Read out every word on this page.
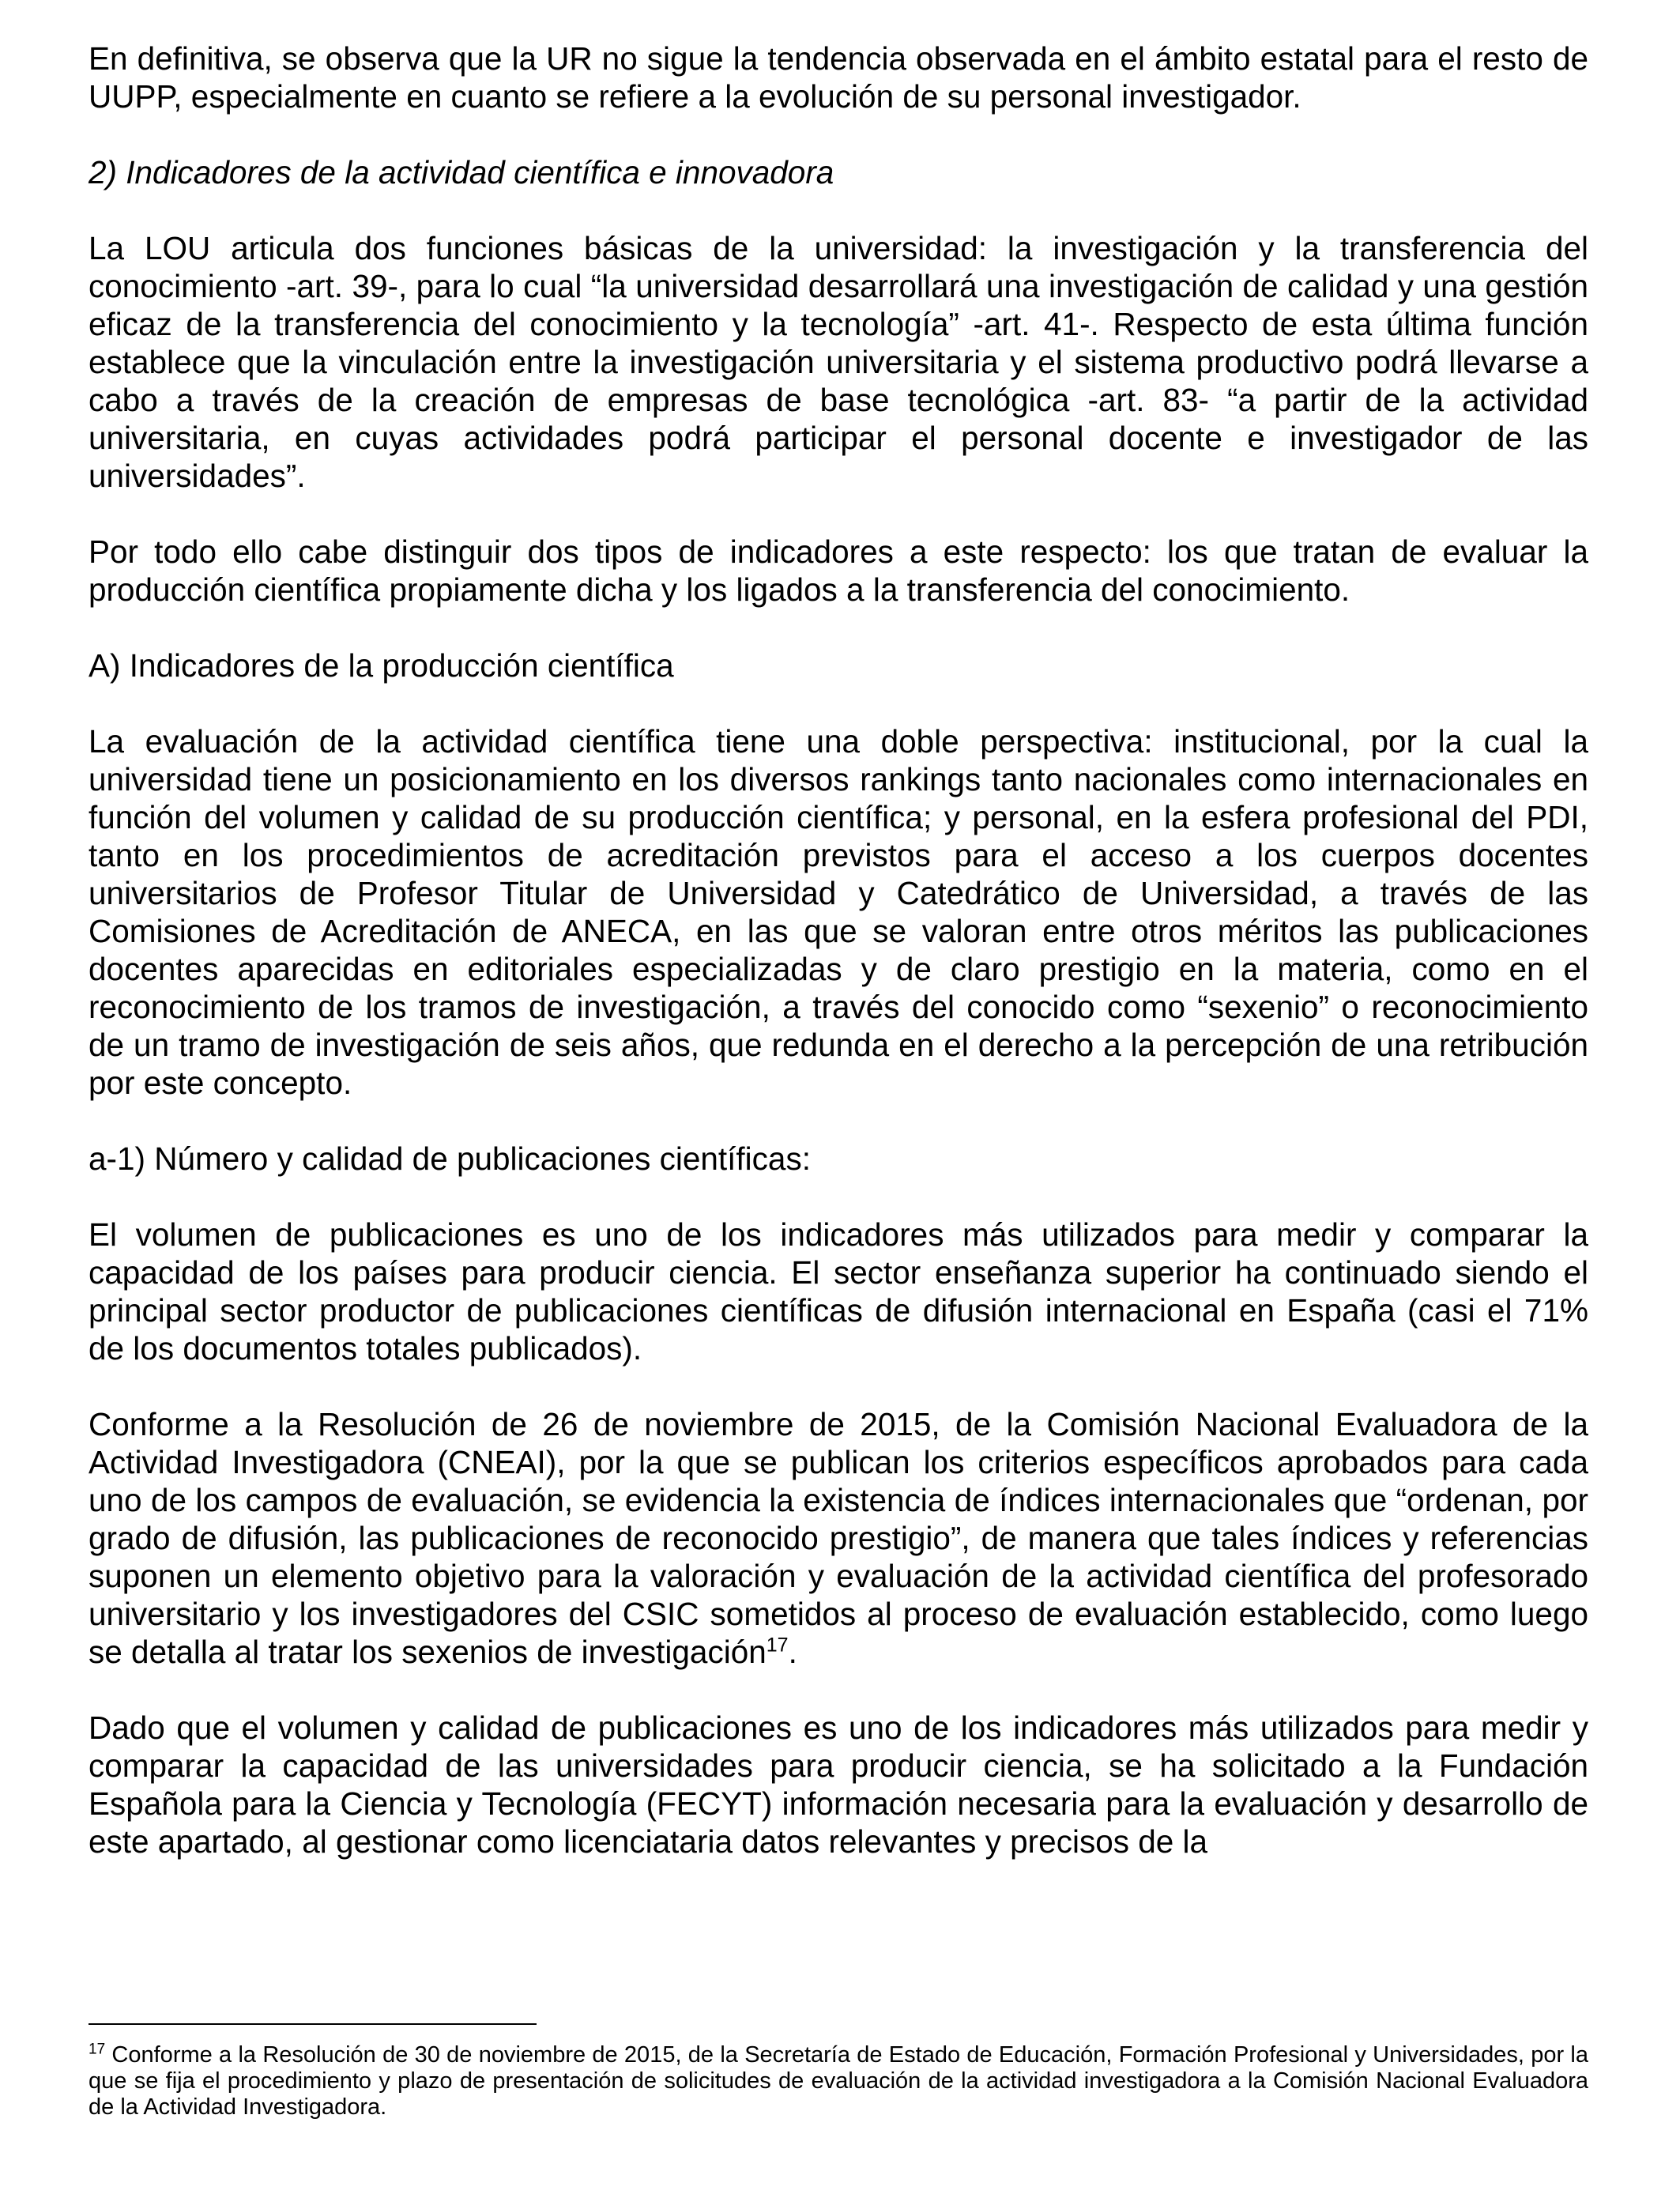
En definitiva, se observa que la UR no sigue la tendencia observada en el ámbito estatal para el resto de UUPP, especialmente en cuanto se refiere a la evolución de su personal investigador.

2) Indicadores de la actividad científica e innovadora

La LOU articula dos funciones básicas de la universidad: la investigación y la transferencia del conocimiento -art. 39-, para lo cual “la universidad desarrollará una investigación de calidad y una gestión eficaz de la transferencia del conocimiento y la tecnología” -art. 41-. Respecto de esta última función establece que la vinculación entre la investigación universitaria y el sistema productivo podrá llevarse a cabo a través de la creación de empresas de base tecnológica -art. 83- “a partir de la actividad universitaria, en cuyas actividades podrá participar el personal docente e investigador de las universidades”.

Por todo ello cabe distinguir dos tipos de indicadores a este respecto: los que tratan de evaluar la producción científica propiamente dicha y los ligados a la transferencia del conocimiento.

A) Indicadores de la producción científica

La evaluación de la actividad científica tiene una doble perspectiva: institucional, por la cual la universidad tiene un posicionamiento en los diversos rankings tanto nacionales como internacionales en función del volumen y calidad de su producción científica; y personal, en la esfera profesional del PDI, tanto en los procedimientos de acreditación previstos para el acceso a los cuerpos docentes universitarios de Profesor Titular de Universidad y Catedrático de Universidad, a través de las Comisiones de Acreditación de ANECA, en las que se valoran entre otros méritos las publicaciones docentes aparecidas en editoriales especializadas y de claro prestigio en la materia, como en el reconocimiento de los tramos de investigación, a través del conocido como “sexenio” o reconocimiento de un tramo de investigación de seis años, que redunda en el derecho a la percepción de una retribución por este concepto.

a-1) Número y calidad de publicaciones científicas:

El volumen de publicaciones es uno de los indicadores más utilizados para medir y comparar la capacidad de los países para producir ciencia. El sector enseñanza superior ha continuado siendo el principal sector productor de publicaciones científicas de difusión internacional en España (casi el 71% de los documentos totales publicados).

Conforme a la Resolución de 26 de noviembre de 2015, de la Comisión Nacional Evaluadora de la Actividad Investigadora (CNEAI), por la que se publican los criterios específicos aprobados para cada uno de los campos de evaluación, se evidencia la existencia de índices internacionales que “ordenan, por grado de difusión, las publicaciones de reconocido prestigio”, de manera que tales índices y referencias suponen un elemento objetivo para la valoración y evaluación de la actividad científica del profesorado universitario y los investigadores del CSIC sometidos al proceso de evaluación establecido, como luego se detalla al tratar los sexenios de investigación$^{17}$.

Dado que el volumen y calidad de publicaciones es uno de los indicadores más utilizados para medir y comparar la capacidad de las universidades para producir ciencia, se ha solicitado a la Fundación Española para la Ciencia y Tecnología (FECYT) información necesaria para la evaluación y desarrollo de este apartado, al gestionar como licenciataria datos relevantes y precisos de la

$^{17}$ Conforme a la Resolución de 30 de noviembre de 2015, de la Secretaría de Estado de Educación, Formación Profesional y Universidades, por la que se fija el procedimiento y plazo de presentación de solicitudes de evaluación de la actividad investigadora a la Comisión Nacional Evaluadora de la Actividad Investigadora.
